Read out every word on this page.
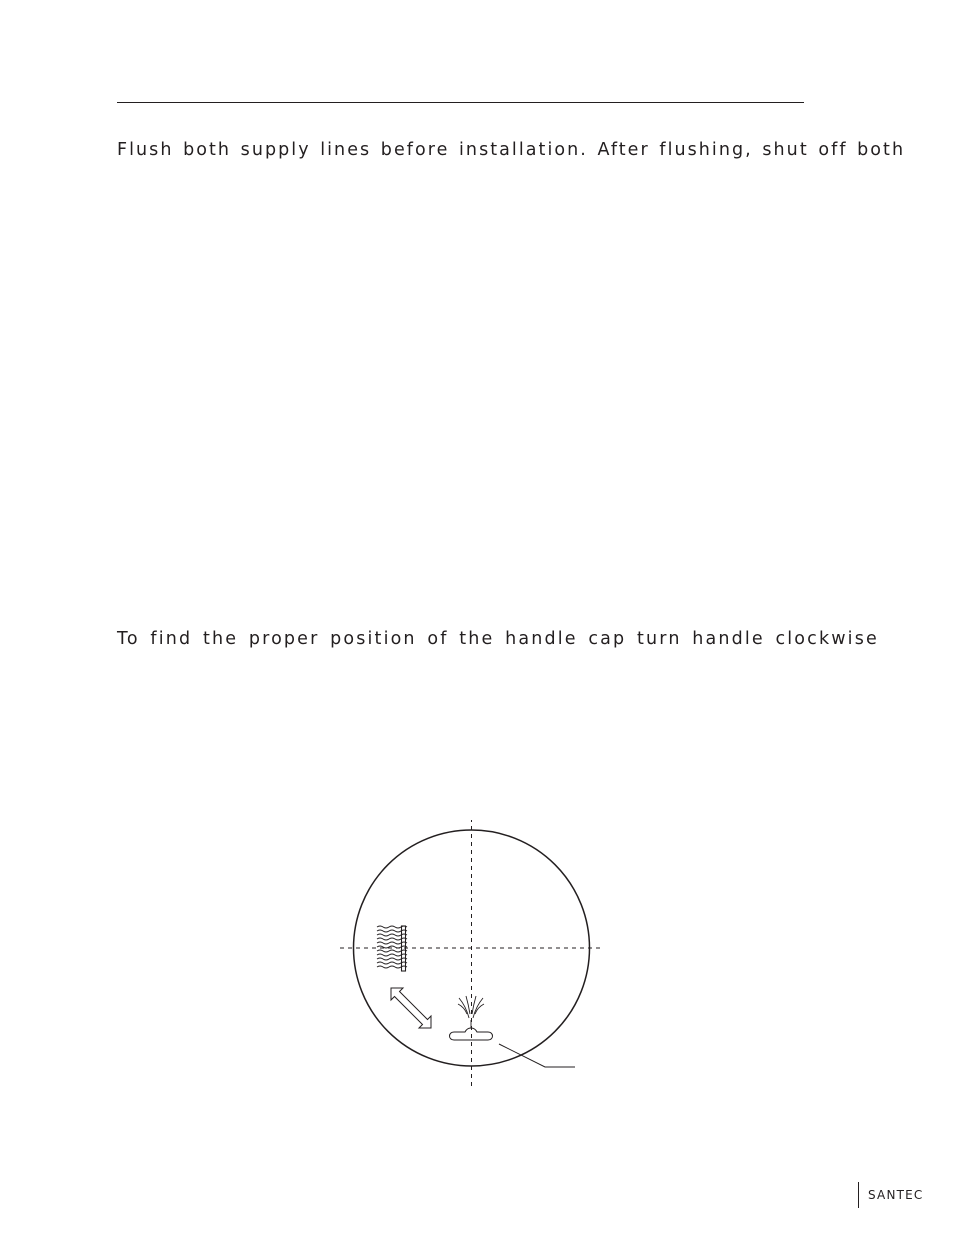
Flush both supply lines before installation. After flushing, shut off both

To find the proper position of the handle cap turn handle clockwise

SANTEC
